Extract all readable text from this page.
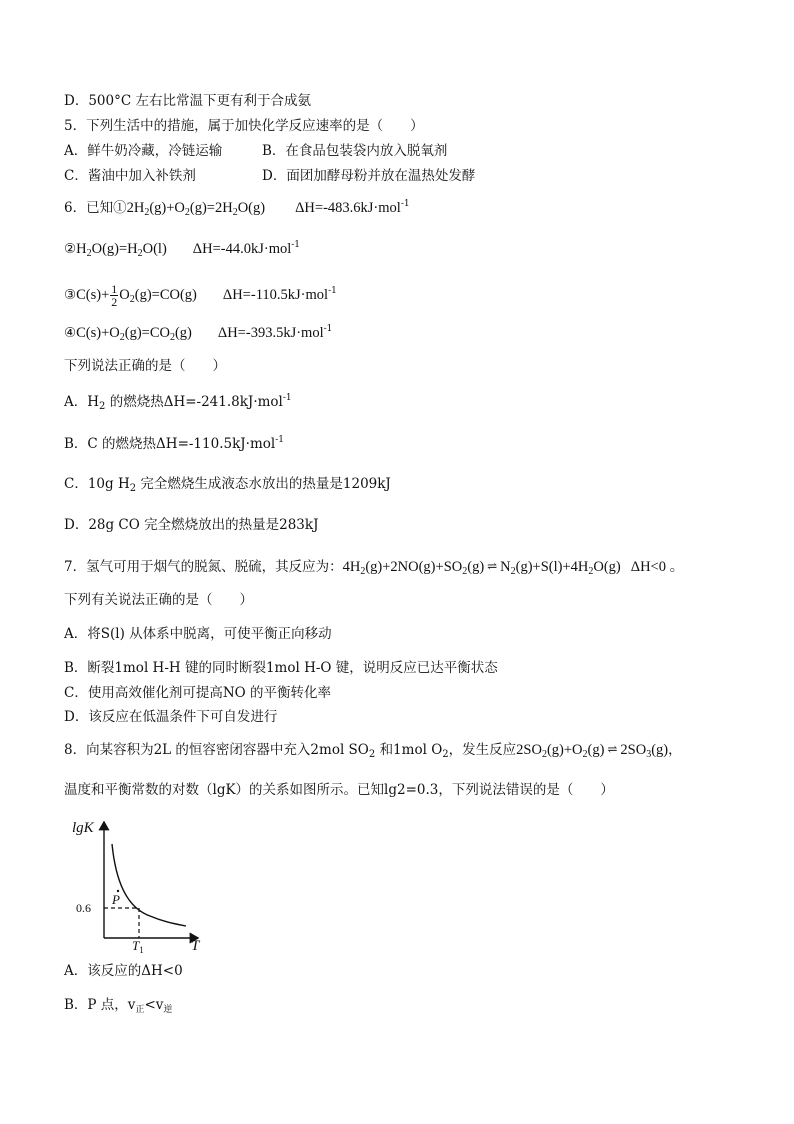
D．500°C 左右比常温下更有利于合成氨
5．下列生活中的措施，属于加快化学反应速率的是（　　）
A．鲜牛奶冷藏，冷链运输	B．在食品包装袋内放入脱氧剂
C．酱油中加入补铁剂	D．面团加酵母粉并放在温热处发酵
6．已知$①2H_2(g)+O_2(g)=2H_2O(g)$ ΔH=-483.6kJ·mol$^{-1}$
$②H_2O(g)=H_2O(l)$ ΔH=-44.0kJ·mol$^{-1}$
③C(s)+ $\frac{1}{2} O_2(g)=CO(g)$ ΔH=-110.5kJ·mol$^{-1}$
$④C(s)+O_2(g)=CO_2(g)$ ΔH=-393.5kJ·mol$^{-1}$
下列说法正确的是（　　）
A．$H_2$ 的燃烧热ΔH=-241.8kJ·mol$^{-1}$
B．C 的燃烧热ΔH=-110.5kJ·mol$^{-1}$
C．10g $H_2$ 完全燃烧生成液态水放出的热量是1209kJ
D．28g CO 完全燃烧放出的热量是283kJ
7．氢气可用于烟气的脱氮、脱硫，其反应为：$4H_2(g)+2NO(g)+SO_2(g)$ ⇌ $N_2(g)+S(l)+4H_2O(g)$ ΔH<0 。
下列有关说法正确的是（　　）
A．将S(l) 从体系中脱离，可使平衡正向移动
B．断裂1mol H-H 键的同时断裂1mol H-O 键，说明反应已达平衡状态
C．使用高效催化剂可提高NO 的平衡转化率
D．该反应在低温条件下可自发进行
8．向某容积为2L 的恒容密闭容器中充入2mol $SO_2$ 和1mol $O_2$，发生反应$2SO_2(g)+O_2(g)$ ⇌ $2SO_3(g)$，
温度和平衡常数的对数（lgK）的关系如图所示。已知lg2=0.3，下列说法错误的是（　　）
lgK
T
0.6
P
$T_1$
A．该反应的ΔH<0
B．P 点，$v_正<v_逆$
